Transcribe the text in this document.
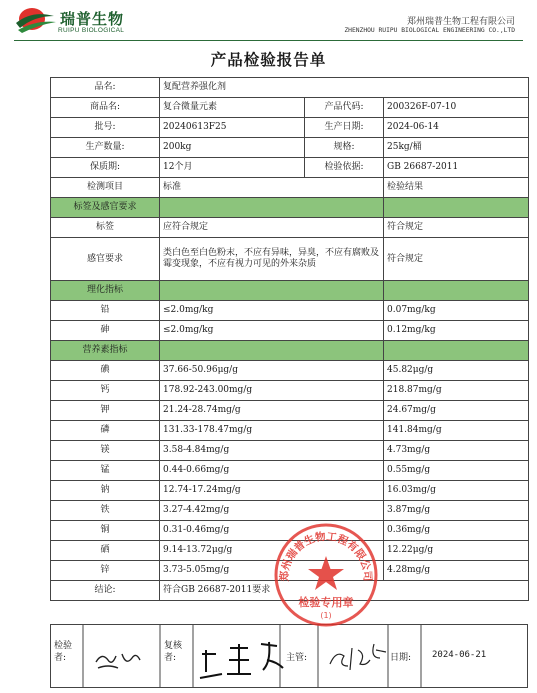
瑞普生物
RUIPU BIOLOGICAL
郑州瑞普生物工程有限公司
ZHENZHOU RUIPU BIOLOGICAL ENGINEERING CO.,LTD
产品检验报告单
品名:	复配营养强化剂		
商品名:	复合微量元素	产品代码:	200326F-07-10
批号:	20240613F25	生产日期:	2024-06-14
生产数量:	200kg	规格:	25kg/桶
保质期:	12个月	检验依据:	GB 26687-2011
检测项目	标准		检验结果
标签及感官要求			
标签	应符合规定		符合规定
感官要求	类白色至白色粉末，不应有异味，异臭，不应有腐败及霉变现象，不应有视力可见的外来杂质		符合规定
理化指标			
铅	≤2.0mg/kg		0.07mg/kg
砷	≤2.0mg/kg		0.12mg/kg
营养素指标			
碘	37.66-50.96μg/g		45.82μg/g
钙	178.92-243.00mg/g		218.87mg/g
钾	21.24-28.74mg/g		24.67mg/g
磷	131.33-178.47mg/g		141.84mg/g
镁	3.58-4.84mg/g		4.73mg/g
锰	0.44-0.66mg/g		0.55mg/g
钠	12.74-17.24mg/g		16.03mg/g
铁	3.27-4.42mg/g		3.87mg/g
铜	0.31-0.46mg/g		0.36mg/g
硒	9.14-13.72μg/g		12.22μg/g
锌	3.73-5.05mg/g		4.28mg/g
结论:	符合GB 26687-2011要求		
检验者:
复核者:	主管:	日期: 2024-06-21
郑州瑞普生物工程有限公司
检验专用章
(1)
